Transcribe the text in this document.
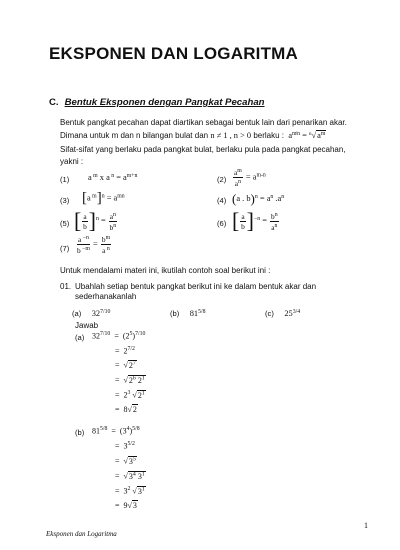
EKSPONEN DAN LOGARITMA
C. Bentuk Eksponen dengan Pangkat Pecahan
Bentuk pangkat pecahan dapat diartikan sebagai bentuk lain dari penarikan akar.
Dimana untuk m dan n bilangan bulat dan n ≠ 1 , n > 0 berlaku :  $a^{m/n} = ^n√a^m$
Sifat-sifat yang berlaku pada pangkat bulat, berlaku pula pada pangkat pecahan,
yakni :
(1) a $^m$ x a $^n = a^{m+n}$	$(2) \frac{a^m}{a^n} = a^{m-n}$
(3) [a $^m]^n = a^{mn}$	(4) (a . $b)^n = a^n$ $.a^n$
(5) [ $\frac{a}{b} ]^n = \frac{a^n}{b^n}$	(6) [ $\frac{a}{b} ]^{-n} = \frac{b^n}{a^n}$
$(7) \frac{a ^{-n}}{b ^{-m}} = \frac{b^m}{a ^n}$
Untuk mendalami materi ini, ikutilah contoh soal berikut ini :
01. Ubahlah setiap bentuk pangkat berikut ini ke dalam bentuk akar dan
sederhanakanlah
(a) $32^{7/10}$	(b) $81^{5/8}$	(c) $25^{3/4}$
Jawab
(a) $32^{7/10} = (2^5)^{7/10}$
=  $2^{7/2}$
=  $√2^7$
=  $√2^6$ $2^1$
=  $2^3$ $√2^1$
=  8√2
(b) $81^{5/8} = (3^4)^{5/8}$
=  $3^{5/2}$
=  $√3^5$
=  $√3^4$ $3^1$
=  $3^2$ $√3^1$
=  9√3
1
Eksponen dan Logaritma
